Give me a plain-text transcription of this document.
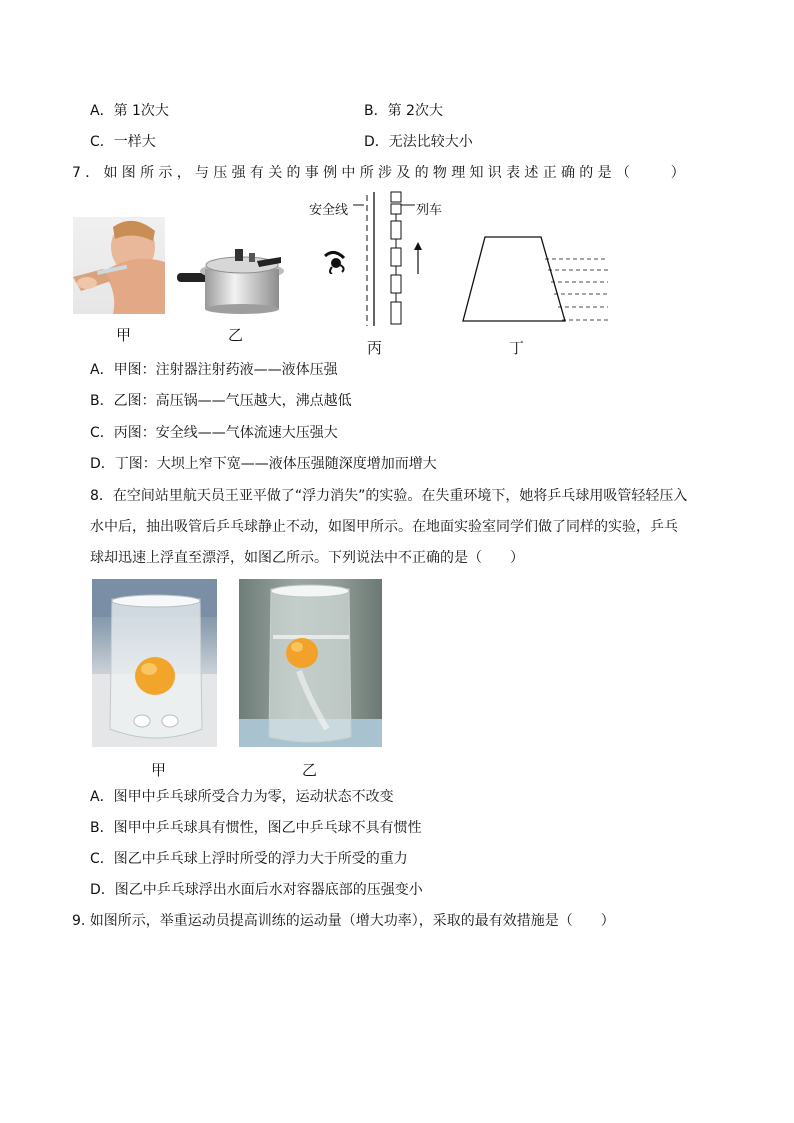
A．第 1次大	B．第 2次大
C．一样大	D．无法比较大小
7．如图所示，与压强有关的事例中所涉及的物理知识表述正确的是（　　）
甲	乙
安全线	列车
丙	丁
A．甲图：注射器注射药液——液体压强
B．乙图：高压锅——气压越大，沸点越低
C．丙图：安全线——气体流速大压强大
D．丁图：大坝上窄下宽——液体压强随深度增加而增大
8．在空间站里航天员王亚平做了“浮力消失”的实验。在失重环境下，她将乒乓球用吸管轻轻压入
水中后，抽出吸管后乒乓球静止不动，如图甲所示。在地面实验室同学们做了同样的实验，乒乓
球却迅速上浮直至漂浮，如图乙所示。下列说法中不正确的是（　　）
甲	乙
A．图甲中乒乓球所受合力为零，运动状态不改变
B．图甲中乒乓球具有惯性，图乙中乒乓球不具有惯性
C．图乙中乒乓球上浮时所受的浮力大于所受的重力
D．图乙中乒乓球浮出水面后水对容器底部的压强变小
9. 如图所示，举重运动员提高训练的运动量（增大功率），采取的最有效措施是（　　）
